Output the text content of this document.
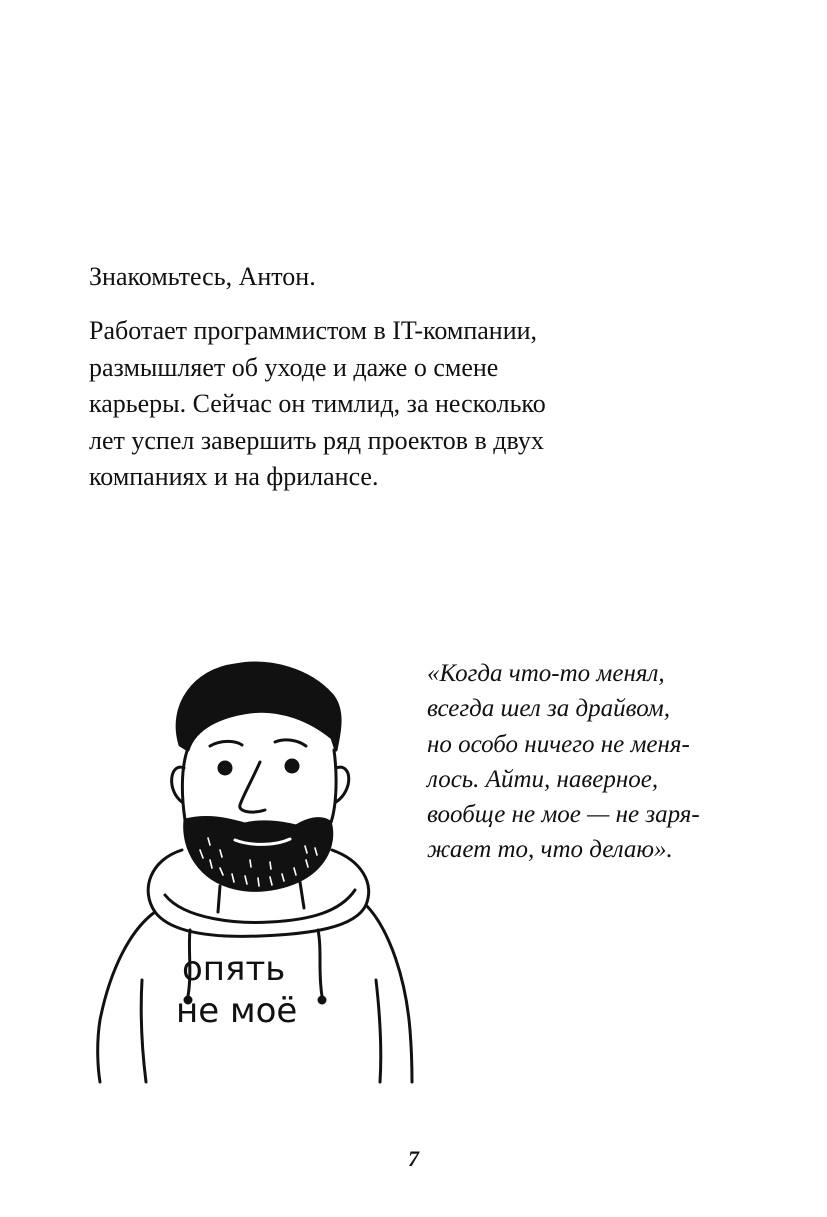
Знакомьтесь, Антон.

Работает программистом в IT-компании,
размышляет об уходе и даже о смене
карьеры. Сейчас он тимлид, за несколько
лет успел завершить ряд проектов в двух
компаниях и на фрилансе.
опять
не моё
«Когда что-то менял,
всегда шел за драйвом,
но особо ничего не меня-
лось. Айти, наверное,
вообще не мое — не заря-
жает то, что делаю».
7
